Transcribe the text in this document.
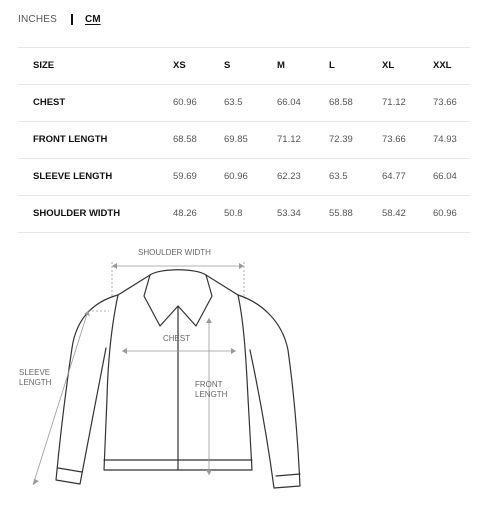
INCHES	CM
SIZE	XS	S	M	L	XL	XXL
CHEST	60.96	63.5	66.04	68.58	71.12	73.66
FRONT LENGTH	68.58	69.85	71.12	72.39	73.66	74.93
SLEEVE LENGTH	59.69	60.96	62.23	63.5	64.77	66.04
SHOULDER WIDTH	48.26	50.8	53.34	55.88	58.42	60.96
SHOULDER WIDTH
CHEST
FRONT
LENGTH
SLEEVE
LENGTH
